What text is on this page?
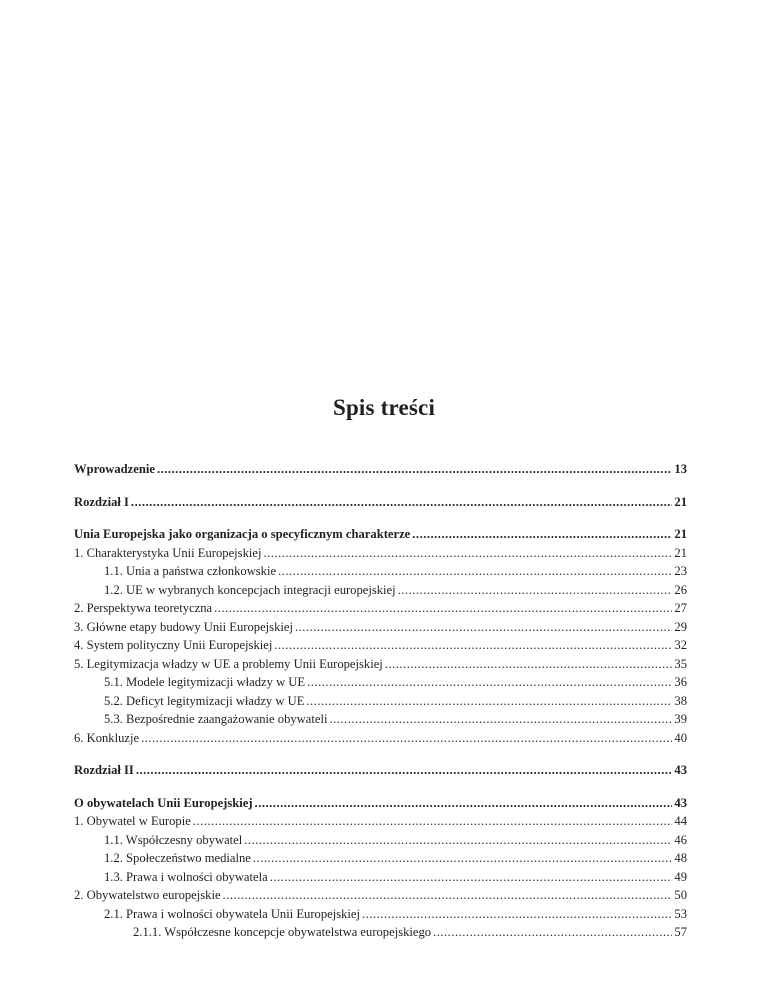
Spis treści
Wprowadzenie .....	13
Rozdział I .....	21
Unia Europejska jako organizacja o specyficznym charakterze .....	21
1. Charakterystyka Unii Europejskiej .....	21
1.1. Unia a państwa członkowskie .....	23
1.2. UE w wybranych koncepcjach integracji europejskiej .....	26
2. Perspektywa teoretyczna .....	27
3. Główne etapy budowy Unii Europejskiej .....	29
4. System polityczny Unii Europejskiej .....	32
5. Legitymizacja władzy w UE a problemy Unii Europejskiej .....	35
5.1. Modele legitymizacji władzy w UE .....	36
5.2. Deficyt legitymizacji władzy w UE .....	38
5.3. Bezpośrednie zaangażowanie obywateli .....	39
6. Konkluzje .....	40
Rozdział II .....	43
O obywatelach Unii Europejskiej .....	43
1. Obywatel w Europie .....	44
1.1. Współczesny obywatel .....	46
1.2. Społeczeństwo medialne .....	48
1.3. Prawa i wolności obywatela .....	49
2. Obywatelstwo europejskie .....	50
2.1. Prawa i wolności obywatela Unii Europejskiej .....	53
2.1.1. Współczesne koncepcje obywatelstwa europejskiego .....	57
